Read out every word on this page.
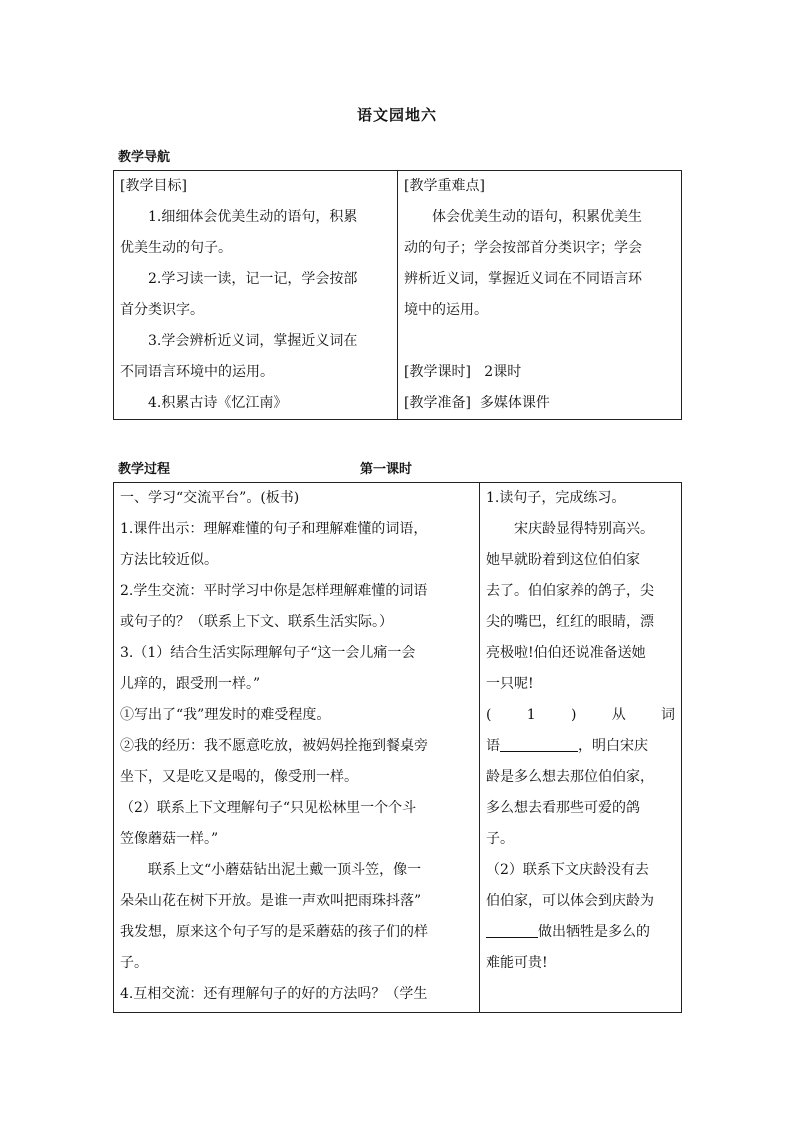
语文园地六
教学导航
[教学目标]
1.细细体会优美生动的语句，积累
优美生动的句子。
2.学习读一读，记一记，学会按部
首分类识字。
3.学会辨析近义词，掌握近义词在
不同语言环境中的运用。
4.积累古诗《忆江南》

[教学重难点]
体会优美生动的语句，积累优美生
动的句子；学会按部首分类识字；学会
辨析近义词，掌握近义词在不同语言环
境中的运用。
[教学课时] 2课时
[教学准备] 多媒体课件
教学过程	第一课时
一、学习“交流平台”。(板书)
1.课件出示：理解难懂的句子和理解难懂的词语，
方法比较近似。
2.学生交流：平时学习中你是怎样理解难懂的词语
或句子的？（联系上下文、联系生活实际。）
3.（1）结合生活实际理解句子“这一会儿痛一会
儿痒的，跟受刑一样。”
①写出了“我”理发时的难受程度。
②我的经历：我不愿意吃放，被妈妈拴拖到餐桌旁
坐下，又是吃又是喝的，像受刑一样。
（2）联系上下文理解句子“只见松林里一个个斗
笠像蘑菇一样。”
联系上文“小蘑菇钻出泥土戴一顶斗笠，像一
朵朵山花在树下开放。是谁一声欢叫把雨珠抖落”
我发想，原来这个句子写的是采蘑菇的孩子们的样
子。
4.互相交流：还有理解句子的好的方法吗？（学生

1.读句子，完成练习。
宋庆龄显得特别高兴。
她早就盼着到这位伯伯家
去了。伯伯家养的鸽子，尖
尖的嘴巴，红红的眼睛，漂
亮极啦!伯伯还说准备送她
一只呢!
(	1	)	从	词
语	，明白宋庆
龄是多么想去那位伯伯家，
多么想去看那些可爱的鸽
子。
（2）联系下文庆龄没有去
伯伯家，可以体会到庆龄为
做出牺牲是多么的
难能可贵!
